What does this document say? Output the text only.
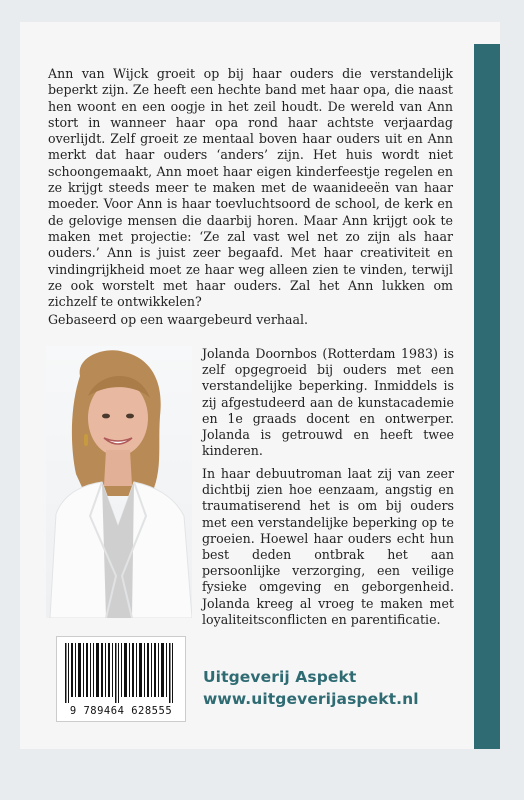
Ann van Wijck groeit op bij haar ouders die verstandelijk beperkt zijn. Ze heeft een hechte band met haar opa, die naast hen woont en een oogje in het zeil houdt. De wereld van Ann stort in wanneer haar opa rond haar achtste verjaardag overlijdt. Zelf groeit ze mentaal boven haar ouders uit en Ann merkt dat haar ouders ‘anders’ zijn. Het huis wordt niet schoongemaakt, Ann moet haar eigen kinderfeestje regelen en ze krijgt steeds meer te maken met de waanideeën van haar moeder. Voor Ann is haar toevluchtsoord de school, de kerk en de gelovige mensen die daarbij horen. Maar Ann krijgt ook te maken met projectie: ‘Ze zal vast wel net zo zijn als haar ouders.’ Ann is juist zeer begaafd. Met haar creativiteit en vindingrijkheid moet ze haar weg alleen zien te vinden, terwijl ze ook worstelt met haar ouders. Zal het Ann lukken om zichzelf te ontwikkelen?

Gebaseerd op een waargebeurd verhaal.

Jolanda Doornbos (Rotterdam 1983) is zelf opgegroeid bij ouders met een verstandelijke beperking. Inmiddels is zij afgestudeerd aan de kunstacademie en 1e graads docent en ontwerper. Jolanda is getrouwd en heeft twee kinderen.

In haar debuutroman laat zij van zeer dichtbij zien hoe eenzaam, angstig en traumatiserend het is om bij ouders met een verstandelijke beperking op te groeien. Hoewel haar ouders echt hun best deden ontbrak het aan persoonlijke verzorging, een veilige fysieke omgeving en geborgenheid. Jolanda kreeg al vroeg te maken met loyaliteitsconflicten en parentificatie.

9 789464 628555
Uitgeverij Aspekt
www.uitgeverijaspekt.nl
